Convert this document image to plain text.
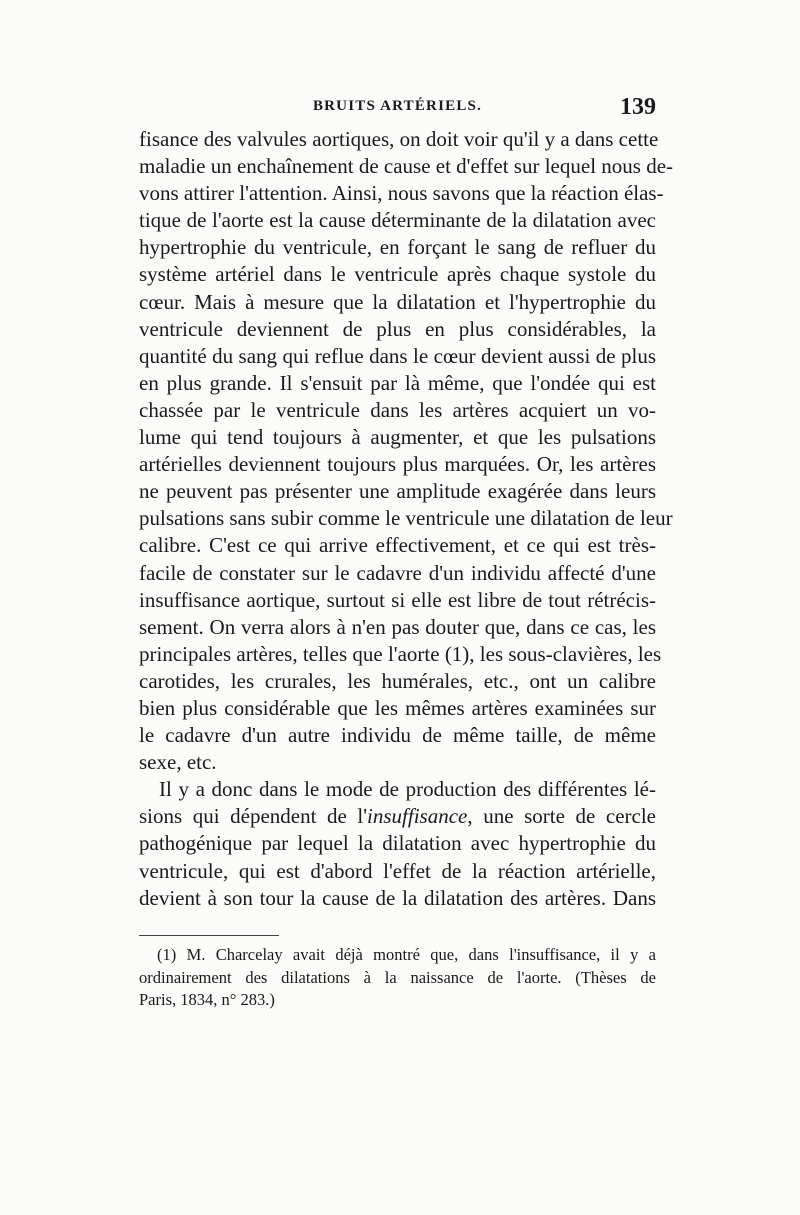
BRUITS ARTÉRIELS.	139
fisance des valvules aortiques, on doit voir qu'il y a dans cette
maladie un enchaînement de cause et d'effet sur lequel nous de-
vons attirer l'attention. Ainsi, nous savons que la réaction élas-
tique de l'aorte est la cause déterminante de la dilatation avec
hypertrophie du ventricule, en forçant le sang de refluer du
système artériel dans le ventricule après chaque systole du
cœur. Mais à mesure que la dilatation et l'hypertrophie du
ventricule deviennent de plus en plus considérables, la
quantité du sang qui reflue dans le cœur devient aussi de plus
en plus grande. Il s'ensuit par là même, que l'ondée qui est
chassée par le ventricule dans les artères acquiert un vo-
lume qui tend toujours à augmenter, et que les pulsations
artérielles deviennent toujours plus marquées. Or, les artères
ne peuvent pas présenter une amplitude exagérée dans leurs
pulsations sans subir comme le ventricule une dilatation de leur
calibre. C'est ce qui arrive effectivement, et ce qui est très-
facile de constater sur le cadavre d'un individu affecté d'une
insuffisance aortique, surtout si elle est libre de tout rétrécis-
sement. On verra alors à n'en pas douter que, dans ce cas, les
principales artères, telles que l'aorte (1), les sous-clavières, les
carotides, les crurales, les humérales, etc., ont un calibre
bien plus considérable que les mêmes artères examinées sur
le cadavre d'un autre individu de même taille, de même
sexe, etc.
Il y a donc dans le mode de production des différentes lé-
sions qui dépendent de l'insuffisance, une sorte de cercle
pathogénique par lequel la dilatation avec hypertrophie du
ventricule, qui est d'abord l'effet de la réaction artérielle,
devient à son tour la cause de la dilatation des artères. Dans
(1) M. Charcelay avait déjà montré que, dans l'insuffisance, il y a
ordinairement des dilatations à la naissance de l'aorte. (Thèses de
Paris, 1834, n° 283.)
